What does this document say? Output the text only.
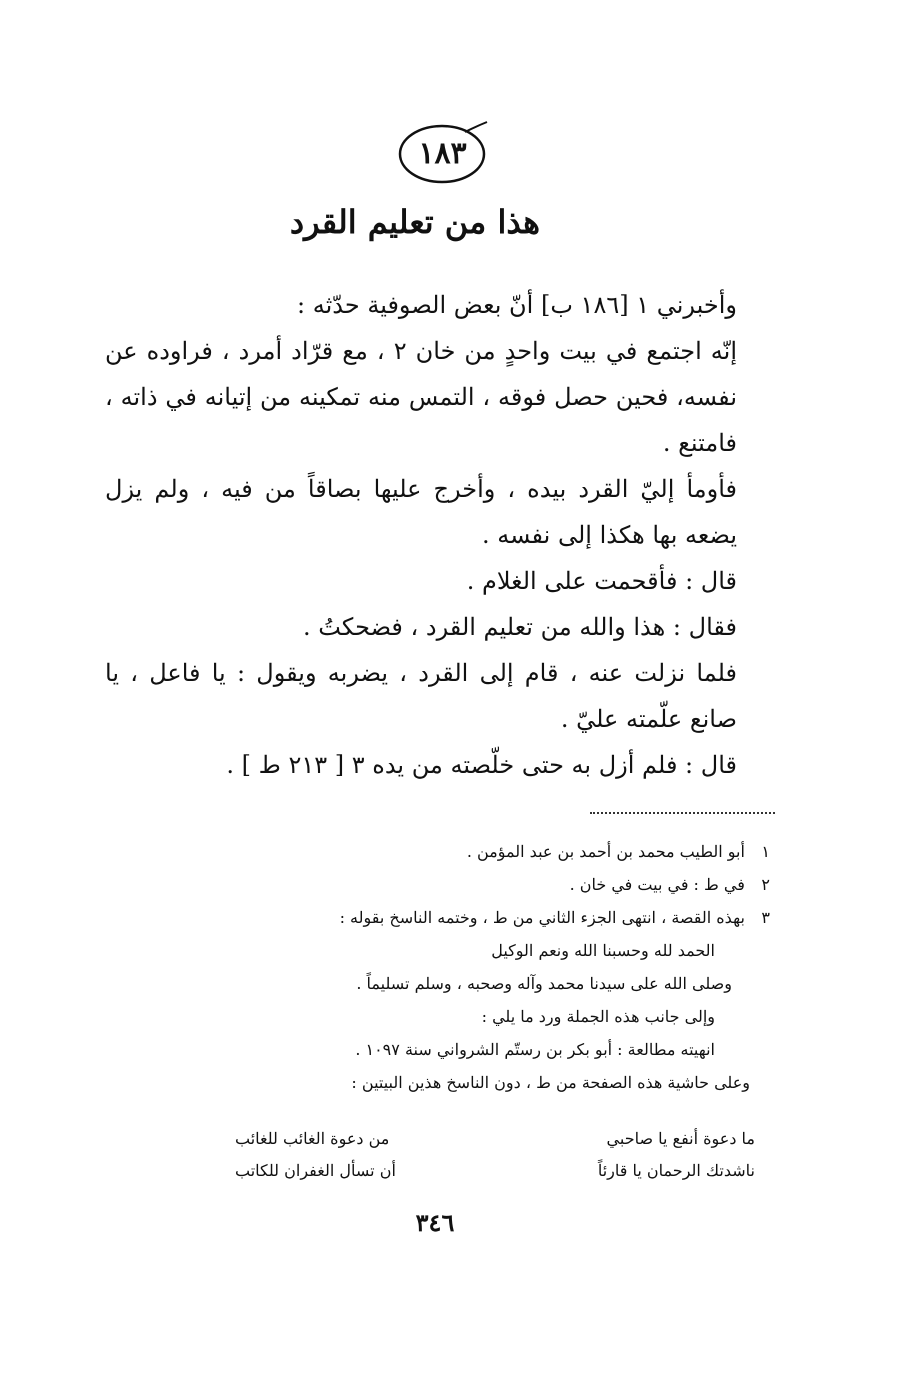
١٨٣
هذا من تعليم القرد

وأخبرني ١ [١٨٦ ب] أنّ بعض الصوفية حدّثه :

إنّه اجتمع في بيت واحدٍ من خان ٢ ، مع قرّاد أمرد ، فراوده عن نفسه، فحين حصل فوقه ، التمس منه تمكينه من إتيانه في ذاته ، فامتنع .

فأومأ إليّ القرد بيده ، وأخرج عليها بصاقاً من فيه ، ولم يزل يضعه بها هكذا إلى نفسه .

قال : فأقحمت على الغلام .

فقال : هذا والله من تعليم القرد ، فضحكتُ .

فلما نزلت عنه ، قام إلى القرد ، يضربه ويقول : يا فاعل ، يا صانع علّمته عليّ .

قال : فلم أزل به حتى خلّصته من يده ٣ [ ٢١٣ ط ] .

١ أبو الطيب محمد بن أحمد بن عبد المؤمن .

٢ في ط : في بيت في خان .

٣ بهذه القصة ، انتهى الجزء الثاني من ط ، وختمه الناسخ بقوله :

الحمد لله وحسبنا الله ونعم الوكيل

وصلى الله على سيدنا محمد وآله وصحبه ، وسلم تسليماً .

وإلى جانب هذه الجملة ورد ما يلي :

انهيته مطالعة : أبو بكر بن رستّم الشرواني سنة ١٠٩٧ .

وعلى حاشية هذه الصفحة من ط ، دون الناسخ هذين البيتين :

ما دعوة أنفع يا صاحبيمن دعوة الغائب للغائب
ناشدتك الرحمان يا قارئاًأن تسأل الغفران للكاتب
٣٤٦
